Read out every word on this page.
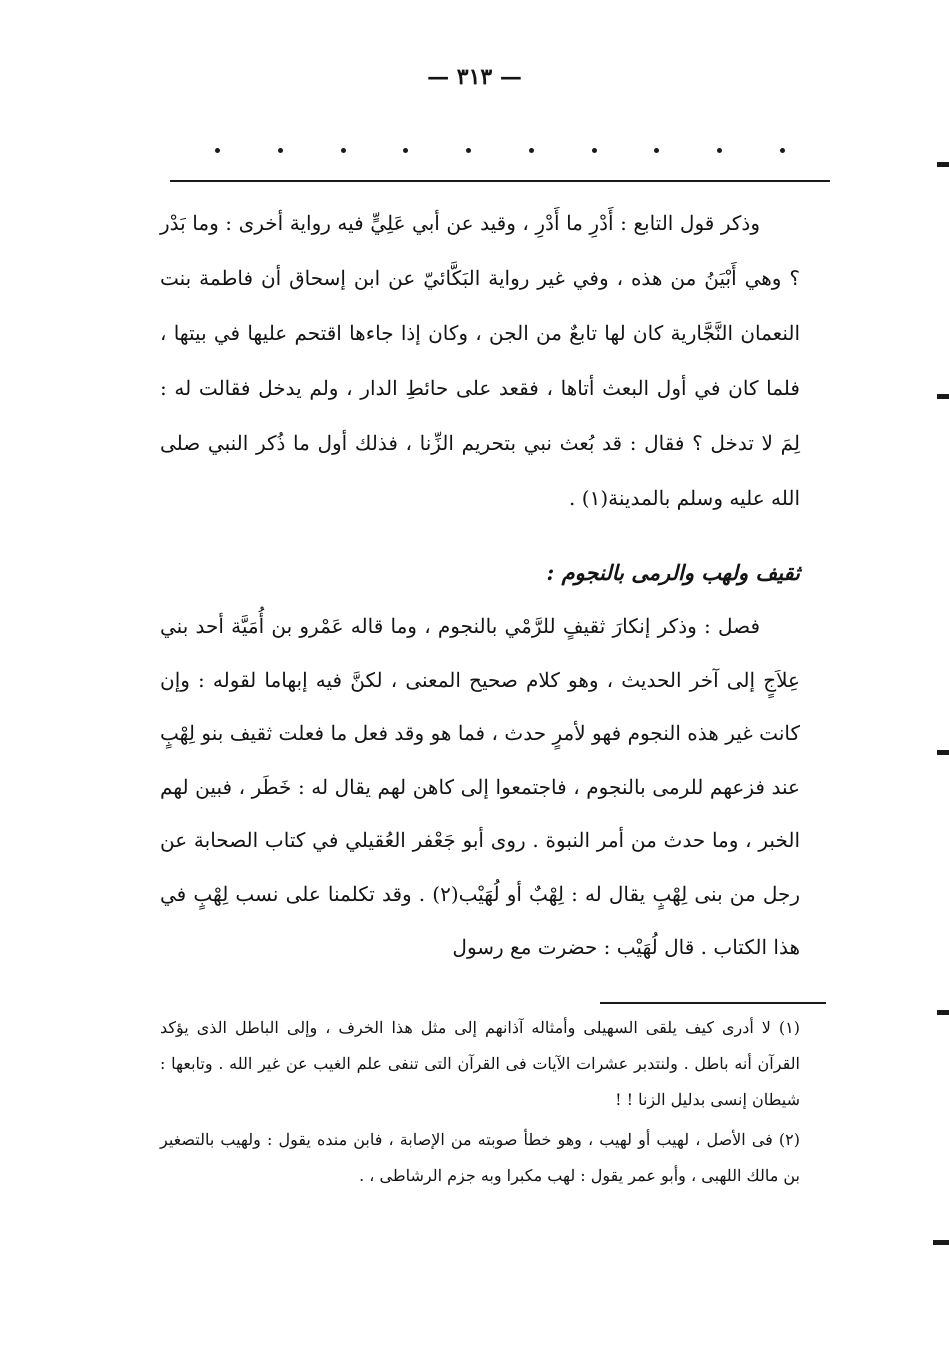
— ٣١٣ —

وذكر قول التابع : أَدْرِ ما أَدْرِ ، وقيد عن أبي عَلِيٍّ فيه رواية أخرى : وما بَدْر ؟ وهي أَبْيَنُ من هذه ، وفي غير رواية البَكَّائيّ عن ابن إسحاق أن فاطمة بنت النعمان النَّجَّارية كان لها تابعٌ من الجن ، وكان إذا جاءها اقتحم عليها في بيتها ، فلما كان في أول البعث أتاها ، فقعد على حائطِ الدار ، ولم يدخل فقالت له : لِمَ لا تدخل ؟ فقال : قد بُعث نبي بتحريم الزِّنا ، فذلك أول ما ذُكر النبي صلى الله عليه وسلم بالمدينة(١) .

ثقيف ولهب والرمى بالنجوم :

فصل : وذكر إنكارَ ثقيفٍ للرَّمْي بالنجوم ، وما قاله عَمْرو بن أُمَيَّة أحد بني عِلاَجٍ إلى آخر الحديث ، وهو كلام صحيح المعنى ، لكنَّ فيه إبهاما لقوله : وإن كانت غير هذه النجوم فهو لأمرٍ حدث ، فما هو وقد فعل ما فعلت ثقيف بنو لِهْبٍ عند فزعهم للرمى بالنجوم ، فاجتمعوا إلى كاهن لهم يقال له : خَطَر ، فبين لهم الخبر ، وما حدث من أمر النبوة . روى أبو جَعْفر العُقيلي في كتاب الصحابة عن رجل من بنى لِهْبٍ يقال له : لِهْبٌ أو لُهَيْب(٢) . وقد تكلمنا على نسب لِهْبٍ في هذا الكتاب . قال لُهَيْب : حضرت مع رسول

(١) لا أدرى كيف يلقى السهيلى وأمثاله آذانهم إلى مثل هذا الخرف ، وإلى الباطل الذى يؤكد القرآن أنه باطل . ولنتدبر عشرات الآيات فى القرآن التى تنفى علم الغيب عن غير الله . وتابعها : شيطان إنسى بدليل الزنا ! !

(٢) فى الأصل ، لهيب أو لهيب ، وهو خطأ صوبته من الإصابة ، فابن منده يقول : ولهيب بالتصغير بن مالك اللهبى ، وأبو عمر يقول : لهب مكبرا وبه جزم الرشاطى ، .
